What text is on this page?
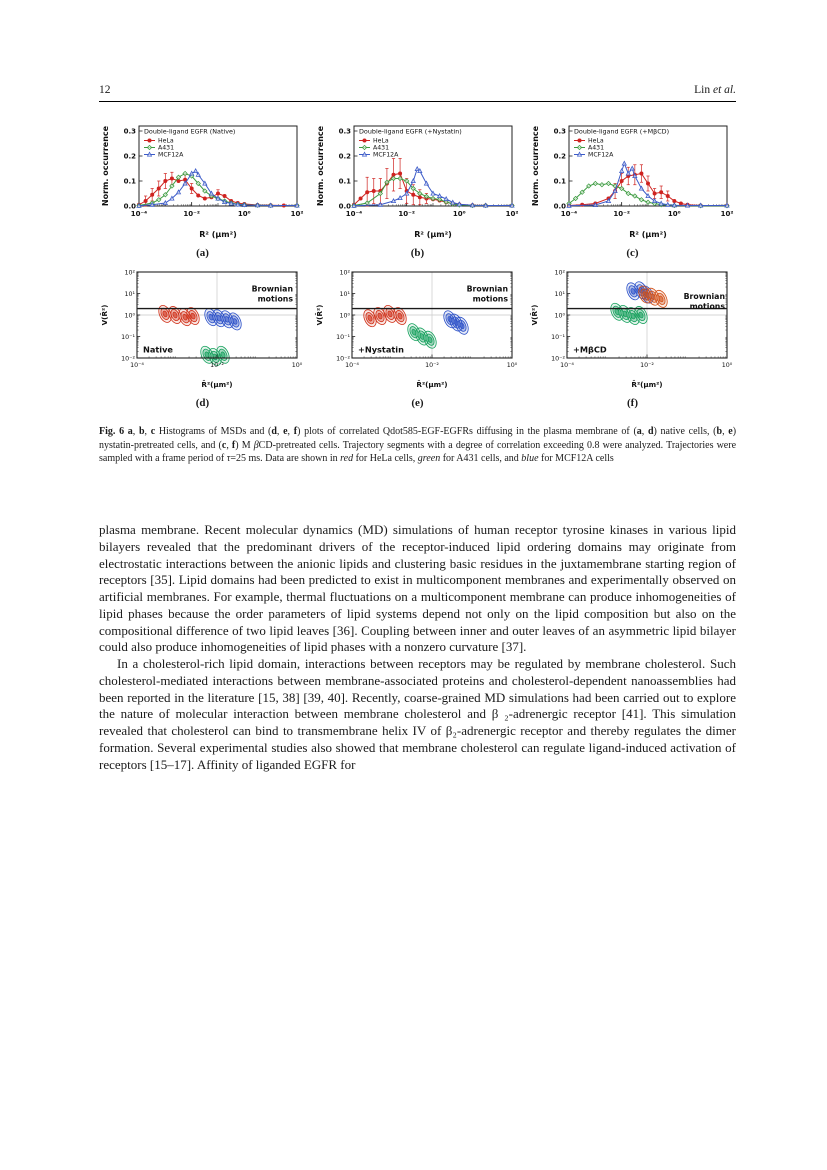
12	Lin et al.
0.0
0.1
0.2
0.3
10⁻⁴	10⁻²	10⁰	10²
Norm. occurrence
R² (μm²)
Double-ligand EGFR (Native)
HeLa
A431
MCF12A
0.0
0.1
0.2
0.3
10⁻⁴	10⁻²	10⁰	10²
Norm. occurrence
R² (μm²)
Double-ligand EGFR (+Nystatin)
HeLa
A431
MCF12A
0.0
0.1
0.2
0.3
10⁻⁴	10⁻²	10⁰	10²
Norm. occurrence
R² (μm²)
Double-ligand EGFR (+MβCD)
HeLa
A431
MCF12A
(a)	(b)	(c)
10²
10¹
10⁰
10⁻¹
10⁻²
10⁻⁴	10⁻²	10⁰
Brownian
motions
Native
V(R̄²)
R̄²(μm²)
10²
10¹
10⁰
10⁻¹
10⁻²
10⁻⁴	10⁻²	10⁰
Brownian
motions
+Nystatin
V(R̄²)
R̄²(μm²)
10²
10¹
10⁰
10⁻¹
10⁻²
10⁻⁴	10⁻²	10⁰
Brownian
motions
+MβCD
V(R̄²)
R̄²(μm²)
(d)	(e)	(f)

Fig. 6 a, b, c Histograms of MSDs and (d, e, f) plots of correlated Qdot585-EGF-EGFRs diffusing in the plasma membrane of (a, d) native cells, (b, e) nystatin-pretreated cells, and (c, f) M βCD-pretreated cells. Trajectory segments with a degree of correlation exceeding 0.8 were analyzed. Trajectories were sampled with a frame period of τ=25 ms. Data are shown in red for HeLa cells, green for A431 cells, and blue for MCF12A cells

plasma membrane. Recent molecular dynamics (MD) simulations of human receptor tyrosine kinases in various lipid bilayers revealed that the predominant drivers of the receptor-induced lipid ordering domains may originate from electrostatic interactions between the anionic lipids and clustering basic residues in the juxtamembrane starting region of receptors [35]. Lipid domains had been predicted to exist in multicomponent membranes and experimentally observed on artificial membranes. For example, thermal fluctuations on a multicomponent membrane can produce inhomogeneities of lipid phases because the order parameters of lipid systems depend not only on the lipid composition but also on the compositional difference of two lipid leaves [36]. Coupling between inner and outer leaves of an asymmetric lipid bilayer could also produce inhomogeneities of lipid phases with a nonzero curvature [37].

In a cholesterol-rich lipid domain, interactions between receptors may be regulated by membrane cholesterol. Such cholesterol-mediated interactions between membrane-associated proteins and cholesterol-dependent nanoassemblies had been reported in the literature [15, 38] [39, 40]. Recently, coarse-grained MD simulations had been carried out to explore the nature of molecular interaction between membrane cholesterol and β ₂-adrenergic receptor [41]. This simulation revealed that cholesterol can bind to transmembrane helix IV of β₂-adrenergic receptor and thereby regulates the dimer formation. Several experimental studies also showed that membrane cholesterol can regulate ligand-induced activation of receptors [15–17]. Affinity of liganded EGFR for
